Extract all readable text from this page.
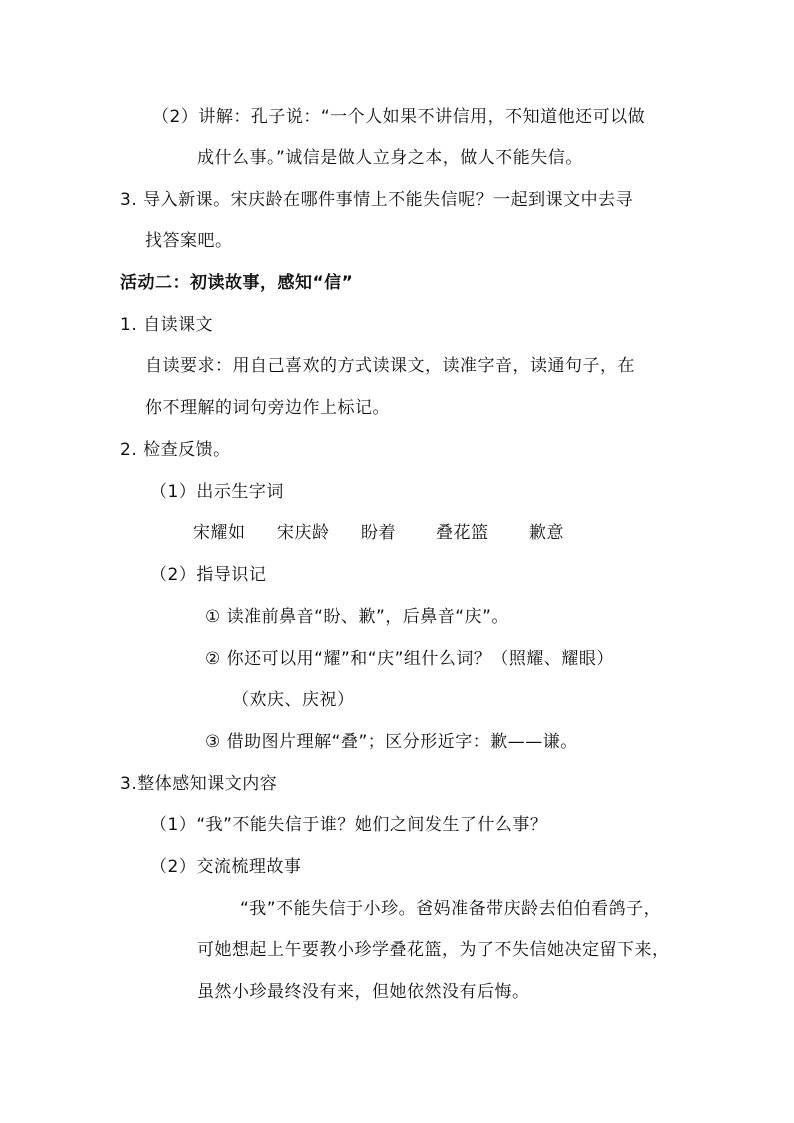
（2）讲解：孔子说：“一个人如果不讲信用，不知道他还可以做
成什么事。”诚信是做人立身之本，做人不能失信。
3. 导入新课。宋庆龄在哪件事情上不能失信呢？一起到课文中去寻
找答案吧。
活动二：初读故事，感知“信”
1. 自读课文
自读要求：用自己喜欢的方式读课文，读准字音，读通句子，在
你不理解的词句旁边作上标记。
2. 检查反馈。
（1）出示生字词
宋耀如 宋庆龄 盼着 叠花篮 歉意
（2）指导识记
① 读准前鼻音“盼、歉”，后鼻音“庆”。
② 你还可以用“耀”和“庆”组什么词？（照耀、耀眼）
（欢庆、庆祝）
③ 借助图片理解“叠”；区分形近字：歉——谦。
3.整体感知课文内容
（1）“我”不能失信于谁？她们之间发生了什么事？
（2）交流梳理故事
“我”不能失信于小珍。爸妈准备带庆龄去伯伯看鸽子，
可她想起上午要教小珍学叠花篮，为了不失信她决定留下来，
虽然小珍最终没有来，但她依然没有后悔。
